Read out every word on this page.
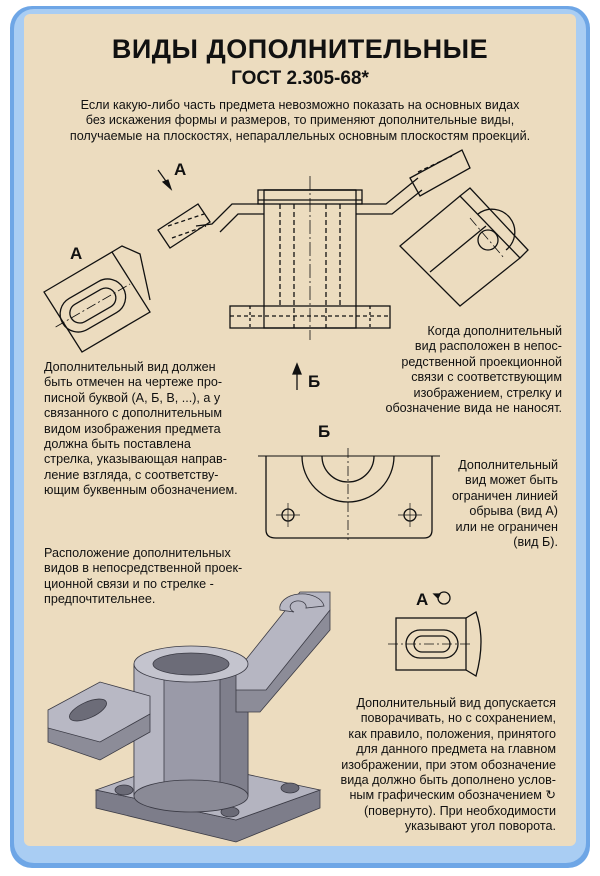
ВИДЫ ДОПОЛНИТЕЛЬНЫЕ
ГОСТ 2.305-68*
Если какую-либо часть предмета невозможно показать на основных видах
без искажения формы и размеров, то применяют дополнительные виды,
получаемые на плоскостях, непараллельных основным плоскостям проекций.
А
А
Б
Б
А
Дополнительный вид должен
быть отмечен на чертеже про-
писной буквой (А, Б, В, ...), а у
связанного с дополнительным
видом изображения предмета
должна быть поставлена
стрелка, указывающая направ-
ление взгляда, с соответству-
ющим буквенным обозначением.
Когда дополнительный
вид расположен в непос-
редственной проекционной
связи с соответствующим
изображением, стрелку и
обозначение вида не наносят.
Дополнительный
вид может быть
ограничен линией
обрыва (вид А)
или не ограничен
(вид Б).
Расположение дополнительных
видов в непосредственной проек-
ционной связи и по стрелке -
предпочтительнее.
Дополнительный вид допускается
поворачивать, но с сохранением,
как правило, положения, принятого
для данного предмета на главном
изображении, при этом обозначение
вида должно быть дополнено услов-
ным графическим обозначением ↻
(повернуто). При необходимости
указывают угол поворота.
